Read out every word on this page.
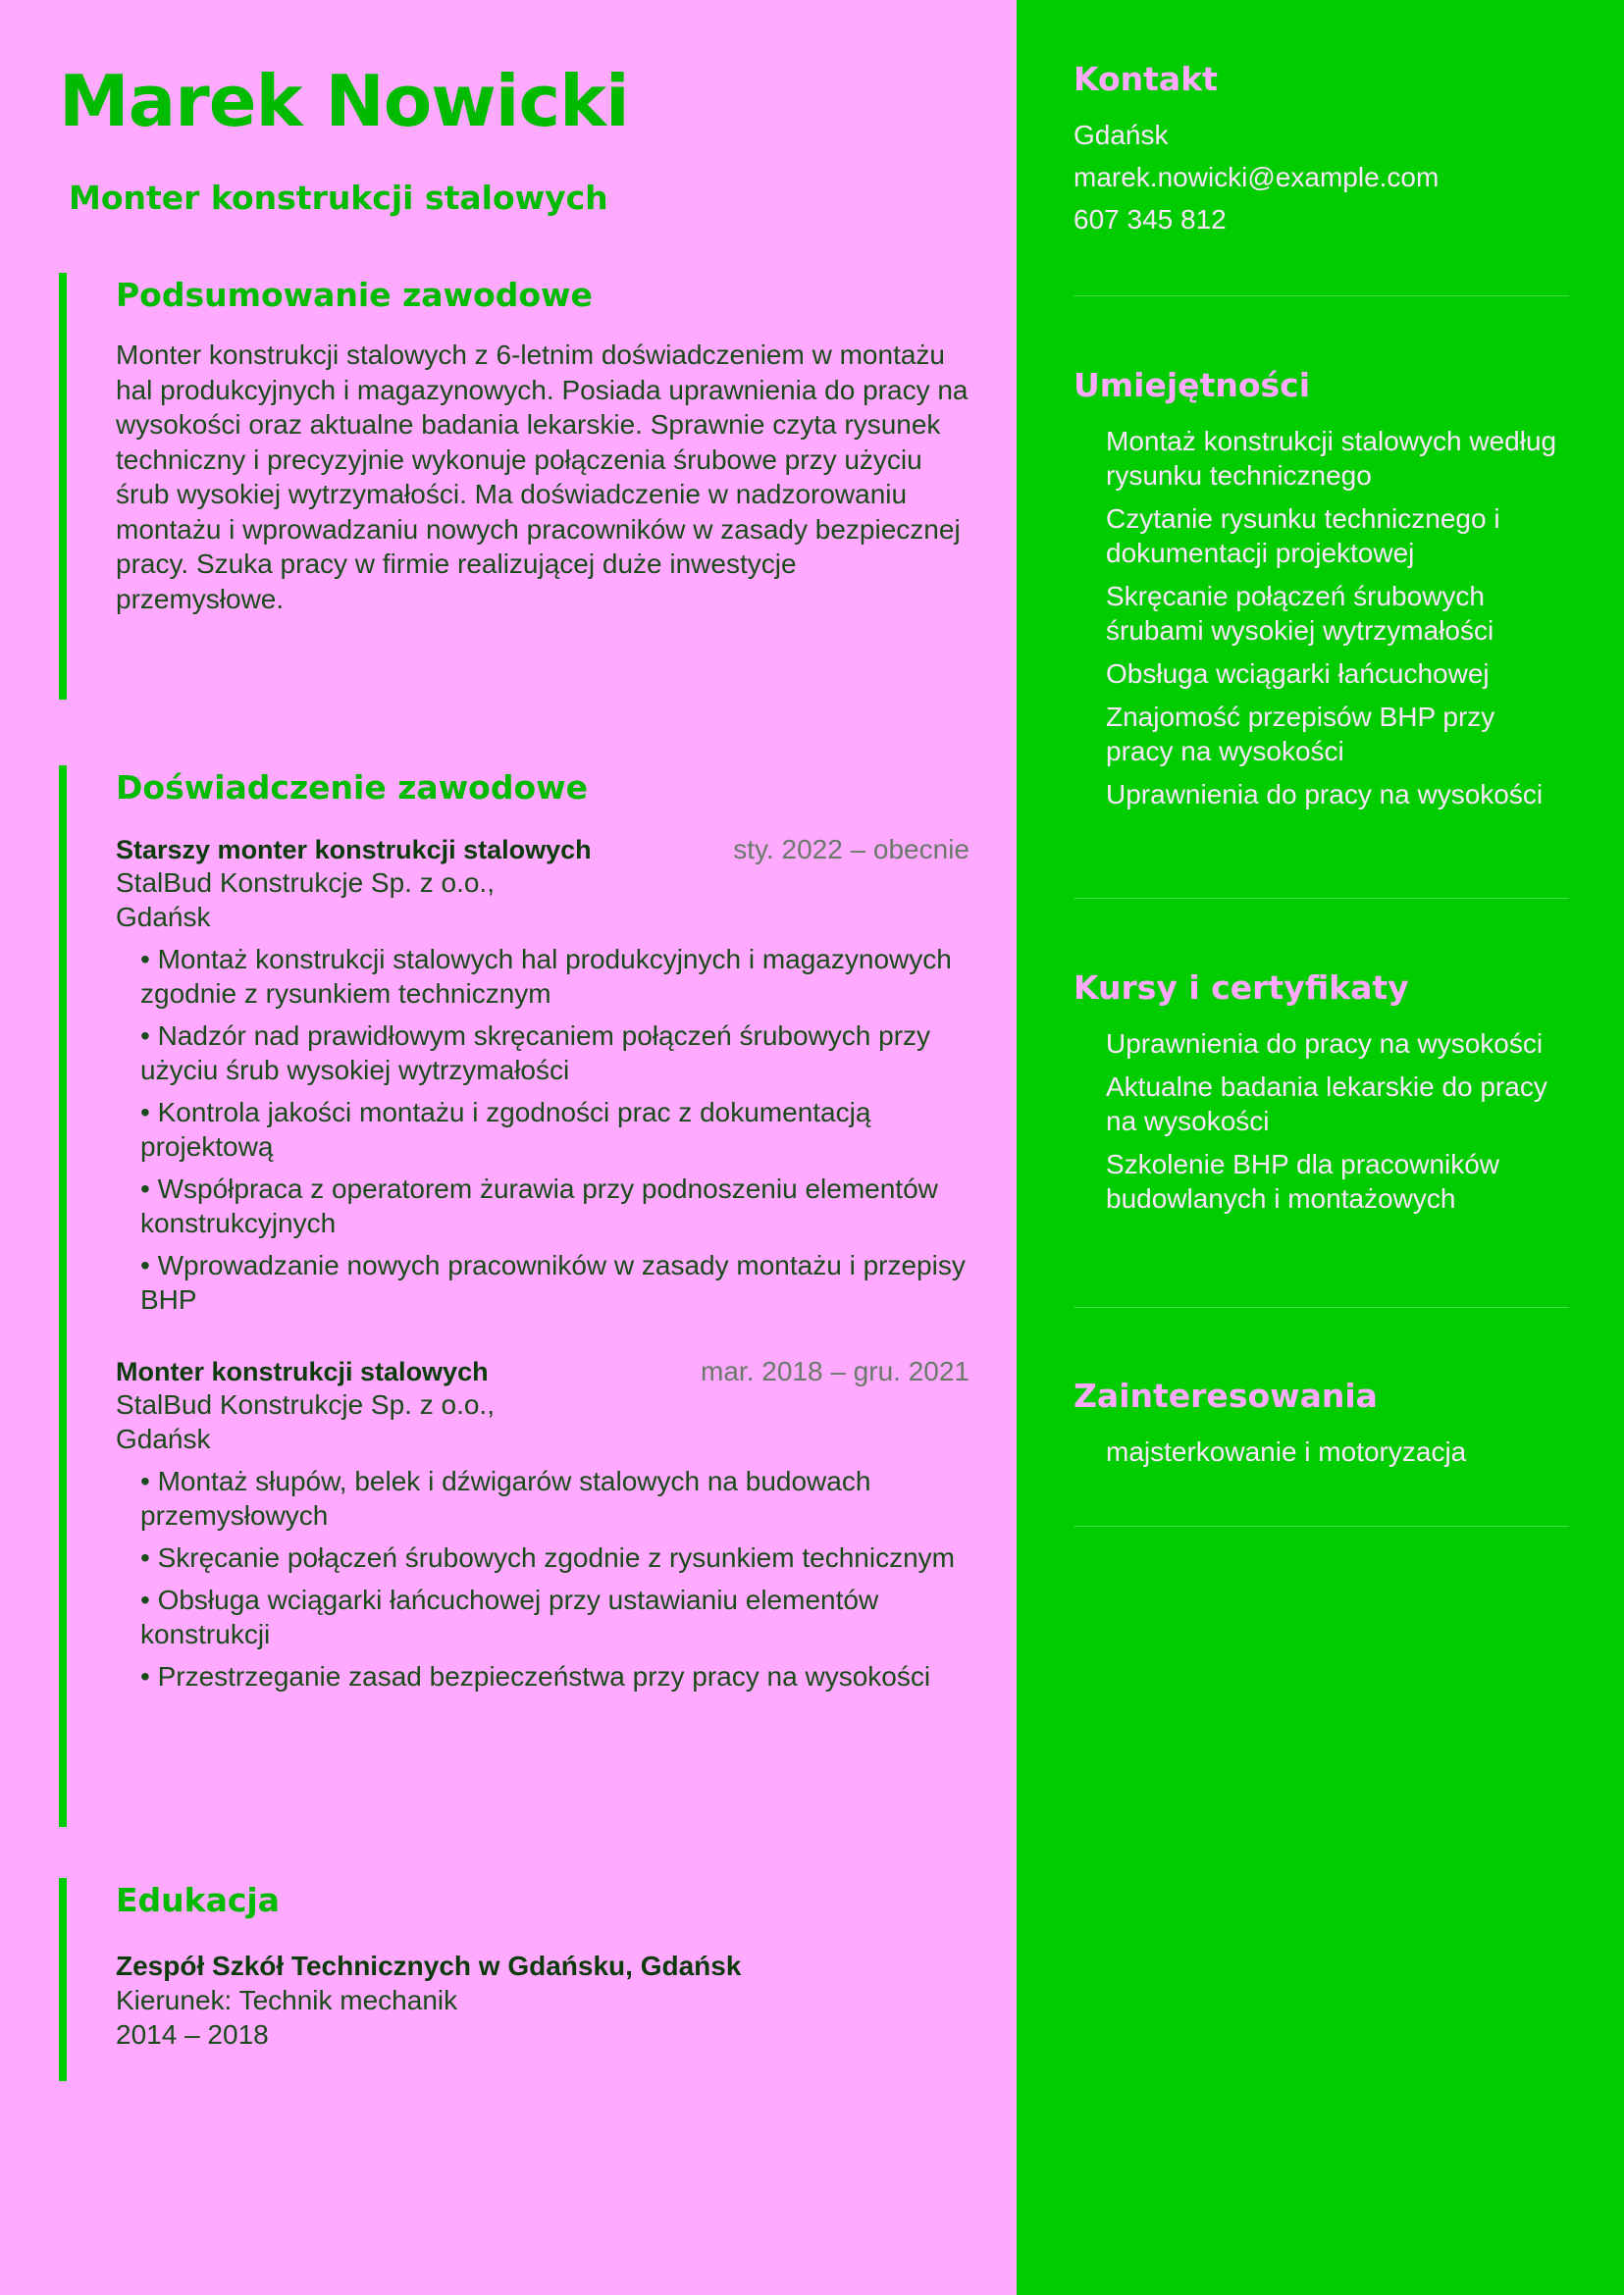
Marek Nowicki
Monter konstrukcji stalowych
Podsumowanie zawodowe

Monter konstrukcji stalowych z 6-letnim doświadczeniem w montażu hal produkcyjnych i magazynowych. Posiada uprawnienia do pracy na wysokości oraz aktualne badania lekarskie. Sprawnie czyta rysunek techniczny i precyzyjnie wykonuje połączenia śrubowe przy użyciu śrub wysokiej wytrzymałości. Ma doświadczenie w nadzorowaniu montażu i wprowadzaniu nowych pracowników w zasady bezpiecznej pracy. Szuka pracy w firmie realizującej duże inwestycje przemysłowe.

Doświadczenie zawodowe
Starszy monter konstrukcji stalowych	sty. 2022 – obecnie
StalBud Konstrukcje Sp. z o.o., Gdańsk
• Montaż konstrukcji stalowych hal produkcyjnych i magazynowych zgodnie z rysunkiem technicznym
• Nadzór nad prawidłowym skręcaniem połączeń śrubowych przy użyciu śrub wysokiej wytrzymałości
• Kontrola jakości montażu i zgodności prac z dokumentacją projektową
• Współpraca z operatorem żurawia przy podnoszeniu elementów konstrukcyjnych
• Wprowadzanie nowych pracowników w zasady montażu i przepisy BHP
Monter konstrukcji stalowych	mar. 2018 – gru. 2021
StalBud Konstrukcje Sp. z o.o., Gdańsk
• Montaż słupów, belek i dźwigarów stalowych na budowach przemysłowych
• Skręcanie połączeń śrubowych zgodnie z rysunkiem technicznym
• Obsługa wciągarki łańcuchowej przy ustawianiu elementów konstrukcji
• Przestrzeganie zasad bezpieczeństwa przy pracy na wysokości
Edukacja
Zespół Szkół Technicznych w Gdańsku, Gdańsk
Kierunek: Technik mechanik
2014 – 2018
Kontakt
Gdańsk
marek.nowicki@example.com
607 345 812
Umiejętności
Montaż konstrukcji stalowych według rysunku technicznego
Czytanie rysunku technicznego i dokumentacji projektowej
Skręcanie połączeń śrubowych śrubami wysokiej wytrzymałości
Obsługa wciągarki łańcuchowej
Znajomość przepisów BHP przy pracy na wysokości
Uprawnienia do pracy na wysokości
Kursy i certyfikaty
Uprawnienia do pracy na wysokości
Aktualne badania lekarskie do pracy na wysokości
Szkolenie BHP dla pracowników budowlanych i montażowych
Zainteresowania
majsterkowanie i motoryzacja
